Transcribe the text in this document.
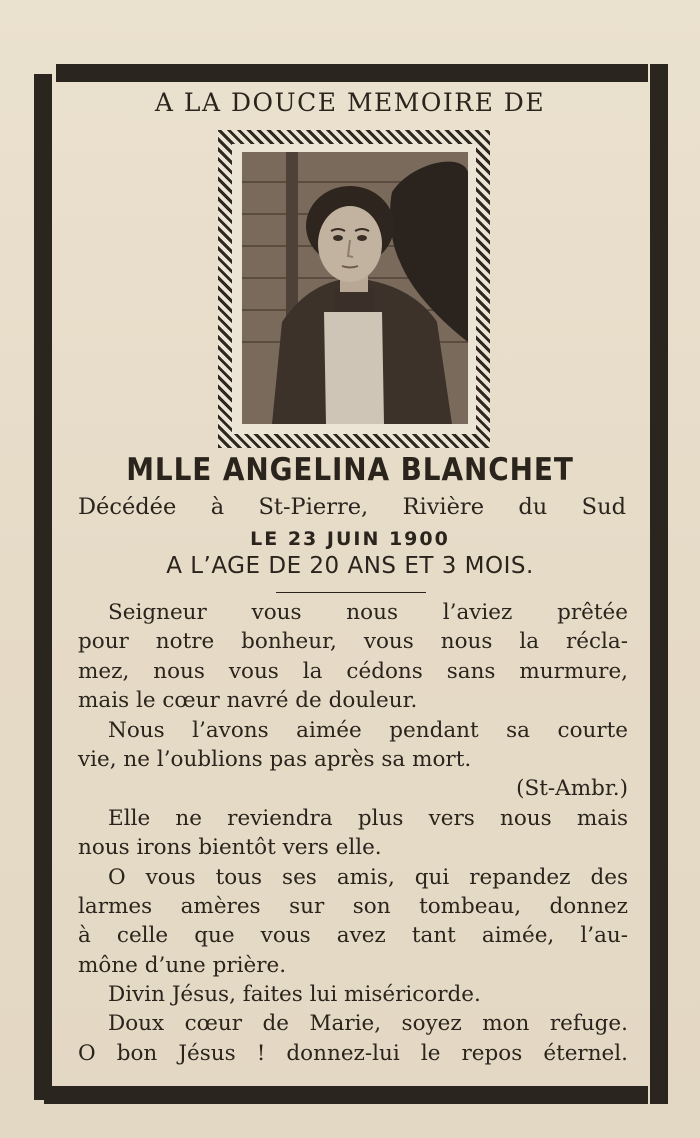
A LA DOUCE MEMOIRE DE
MLLE ANGELINA BLANCHET
Décédée à St-Pierre, Rivière du Sud
LE 23 JUIN 1900
A L’AGE DE 20 ANS ET 3 MOIS.
Seigneur vous nous l’aviez prêtée
pour notre bonheur, vous nous la récla-
mez, nous vous la cédons sans murmure,
mais le cœur navré de douleur.
Nous l’avons aimée pendant sa courte
vie, ne l’oublions pas après sa mort.
(St-Ambr.)
Elle ne reviendra plus vers nous mais
nous irons bientôt vers elle.
O vous tous ses amis, qui repandez des
larmes amères sur son tombeau, donnez
à celle que vous avez tant aimée, l’au-
mône d’une prière.
Divin Jésus, faites lui miséricorde.
Doux cœur de Marie, soyez mon refuge.
O bon Jésus ! donnez-lui le repos éternel.
